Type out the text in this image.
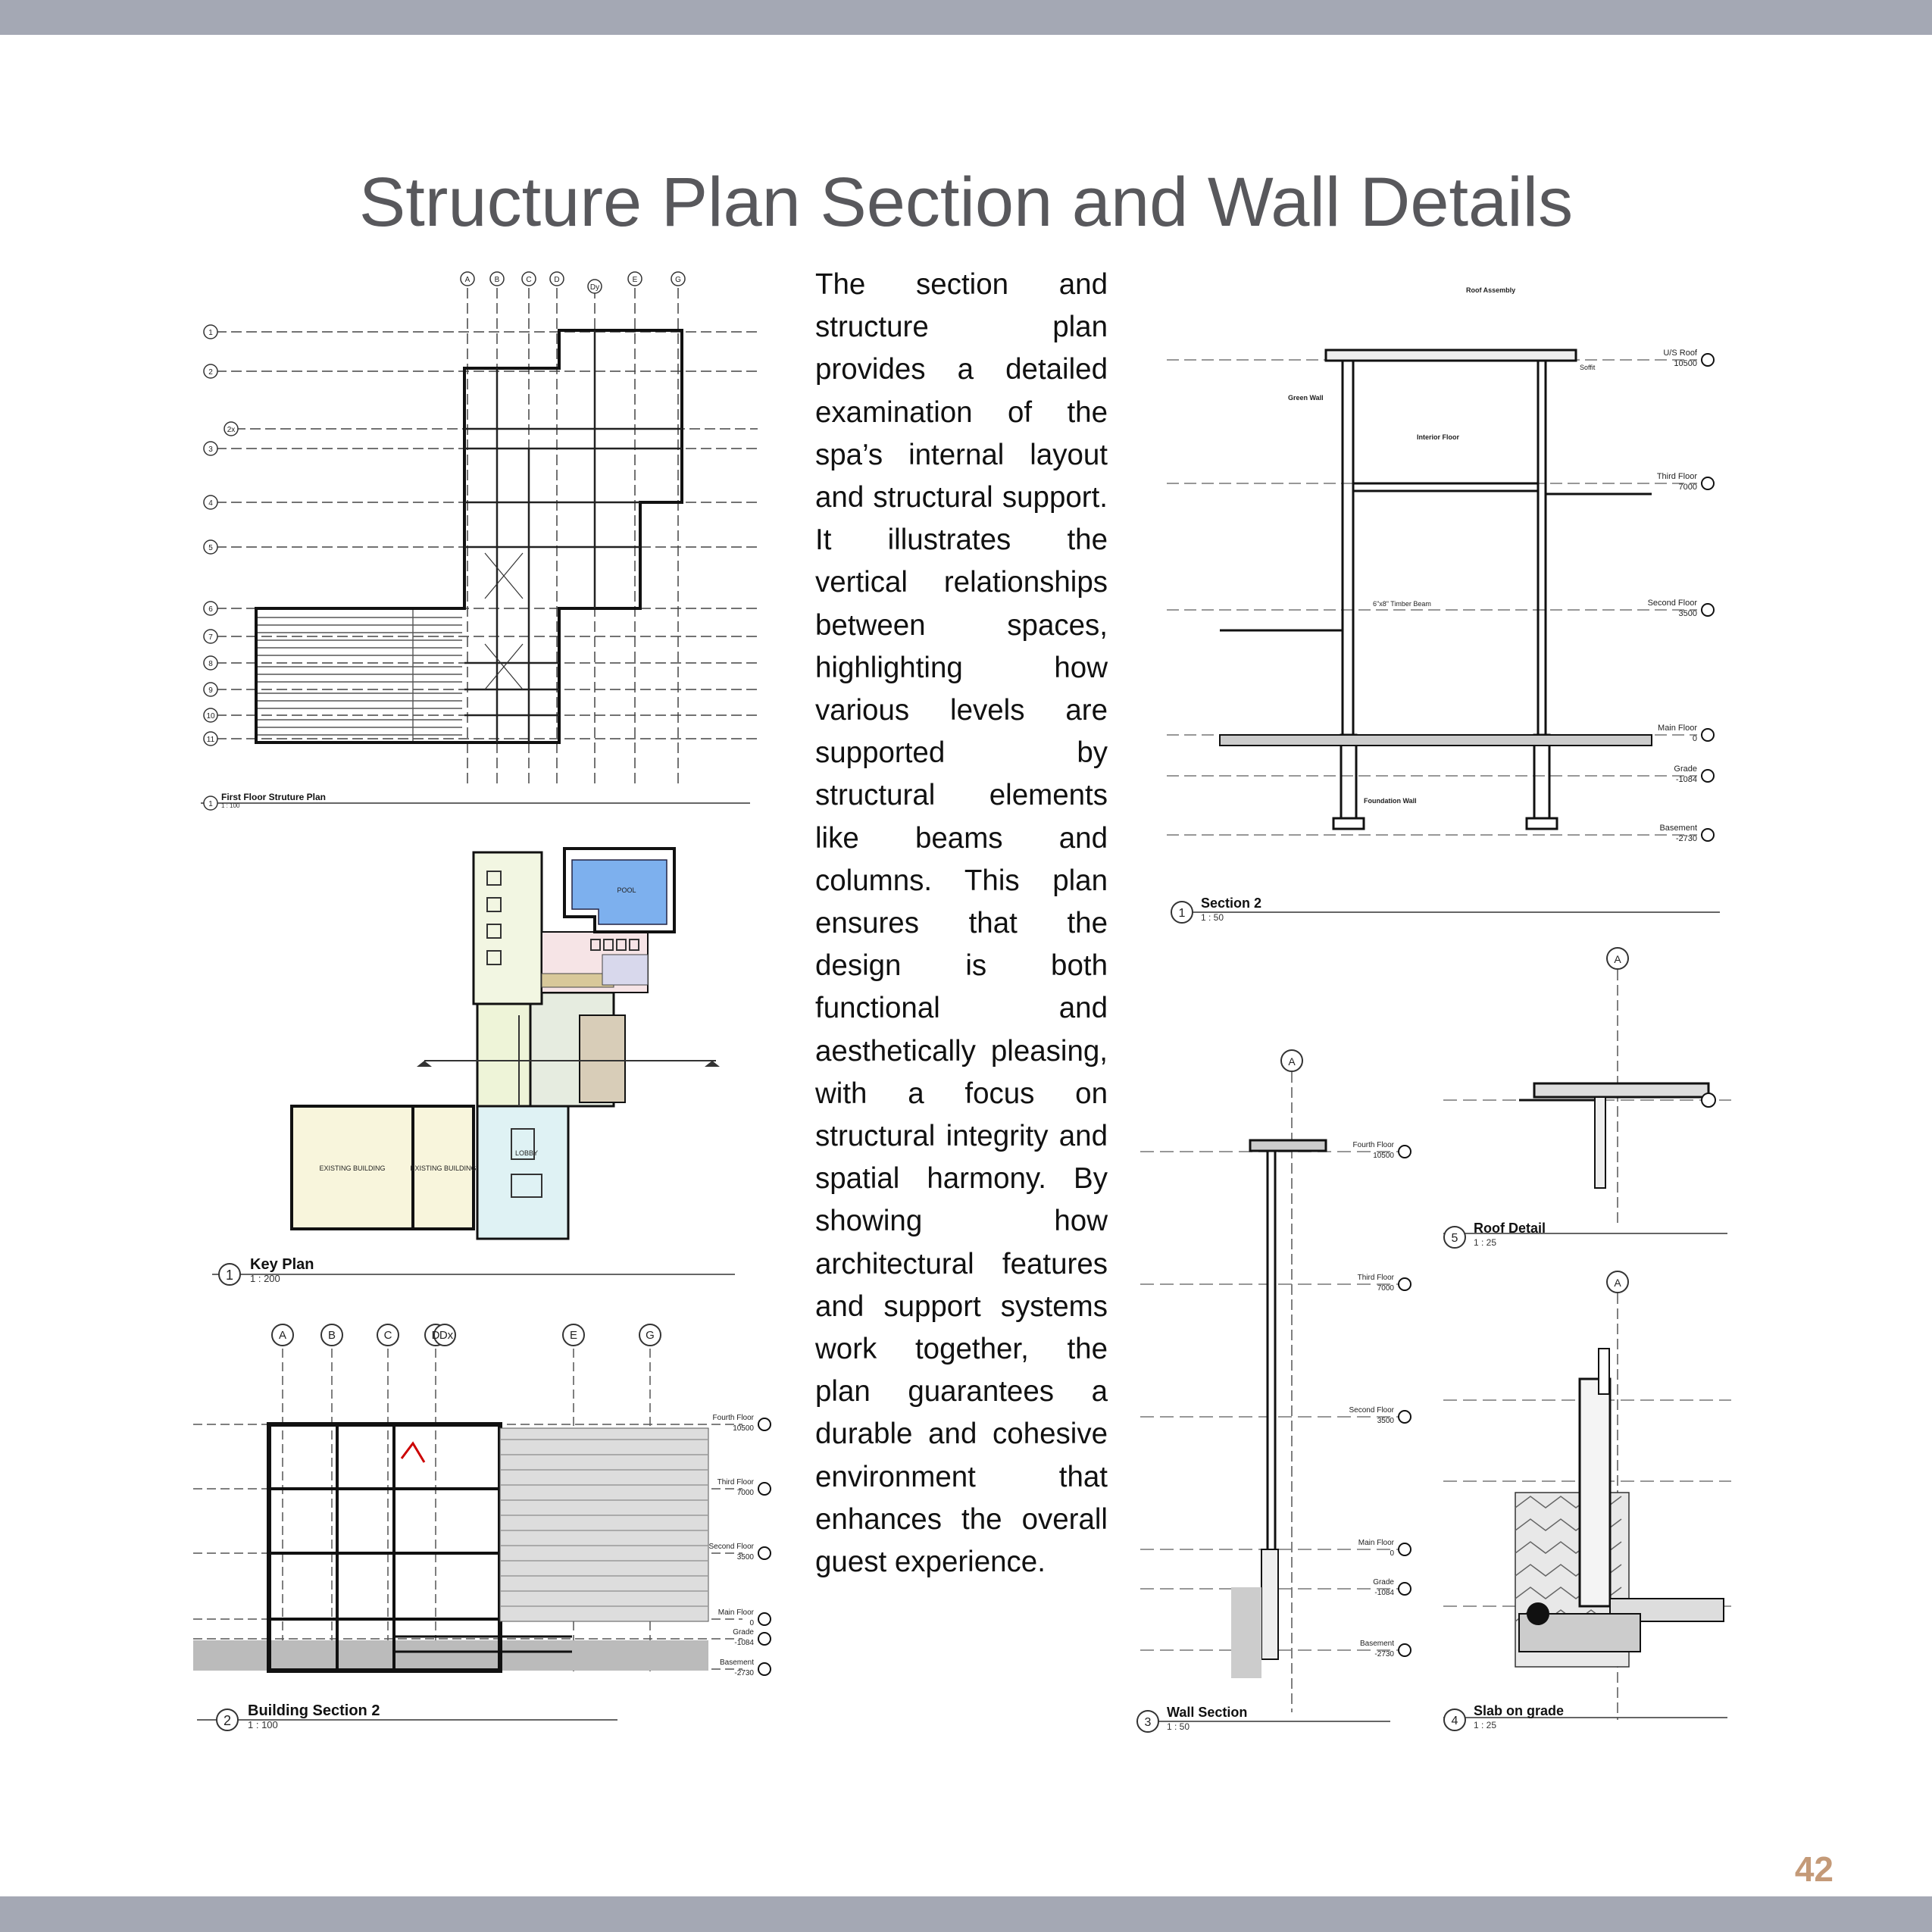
Structure Plan Section and Wall Details
A	B	C	D
Dy
E	G
1
2
2x
3
4
5
6
7
8
9
10
11
1
First Floor Struture Plan
1 : 100
POOL
EXISTING BUILDING	EXISTING BUILDING
LOBBY
1
Key Plan
1 : 200
A	B	C	D Dx	E	G
Fourth Floor
10500
Third Floor
7000
Second Floor
3500
Main Floor
0
Grade
-1084
Basement
-2730
2
Building Section 2
1 : 100
The section and structure plan provides a detailed examination of the spa’s internal layout and structural support. It illustrates the vertical relationships between spaces, highlighting how various levels are supported by structural elements like beams and columns. This plan ensures that the design is both functional and aesthetically pleasing, with a focus on structural integrity and spatial harmony. By showing how architectural features and support systems work together, the plan guarantees a durable and cohesive environment that enhances the overall guest experience.
Roof Assembly
Green Wall
Interior Floor
Foundation Wall
6"x8" Timber Beam
Soffit
U/S Roof
10500
Third Floor
7000
Second Floor
3500
Main Floor
0
Grade
-1084
Basement
-2730
1
Section 2
1 : 50
A
Fourth Floor
10500
Third Floor
7000
Second Floor
3500
Main Floor
0
Grade
-1084
Basement
-2730
3
Wall Section
1 : 50
A
5
Roof Detail
1 : 25
A
4
Slab on grade
1 : 25
42
